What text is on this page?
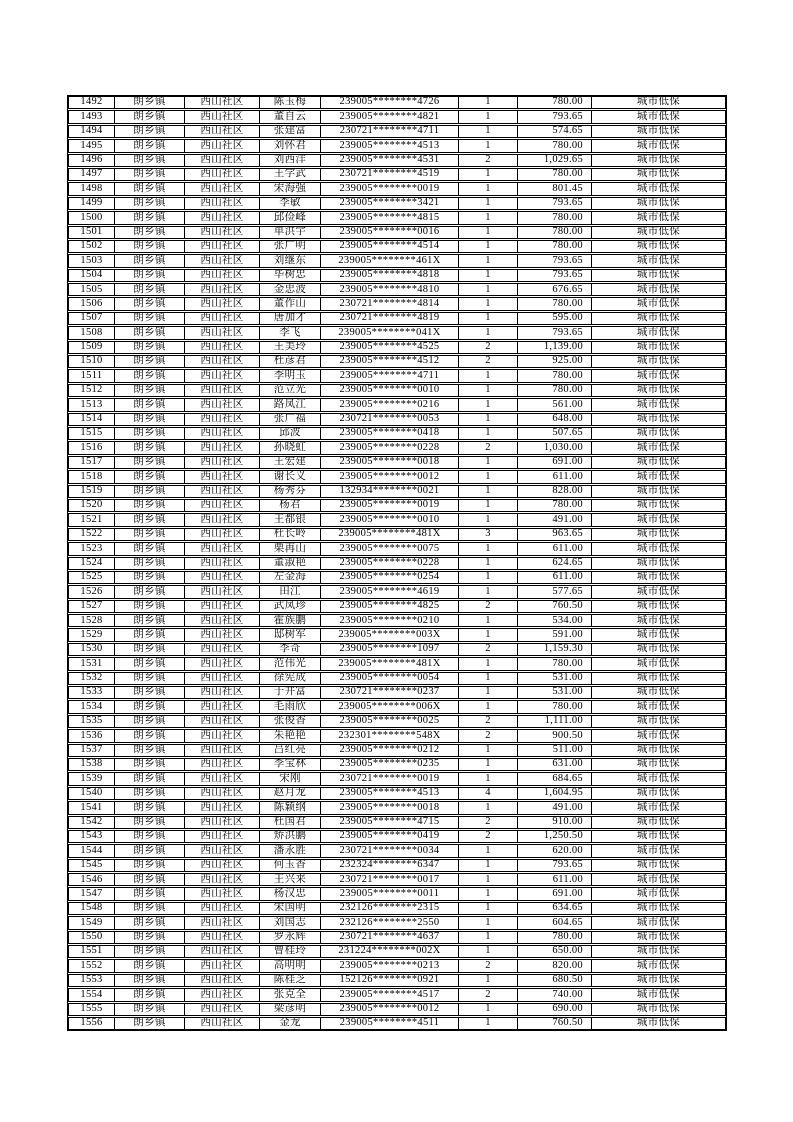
1492	朗乡镇	西山社区	陈玉梅	239005********4726	1	780.00	城市低保
1493	朗乡镇	西山社区	董自云	239005********4821	1	793.65	城市低保
1494	朗乡镇	西山社区	张建富	230721********4711	1	574.65	城市低保
1495	朗乡镇	西山社区	刘怀君	239005********4513	1	780.00	城市低保
1496	朗乡镇	西山社区	刘西洋	239005********4531	2	1,029.65	城市低保
1497	朗乡镇	西山社区	王学武	230721********4519	1	780.00	城市低保
1498	朗乡镇	西山社区	宋海强	239005********0019	1	801.45	城市低保
1499	朗乡镇	西山社区	李敏	239005********3421	1	793.65	城市低保
1500	朗乡镇	西山社区	邱俭峰	239005********4815	1	780.00	城市低保
1501	朗乡镇	西山社区	单洪宇	239005********0016	1	780.00	城市低保
1502	朗乡镇	西山社区	张广明	239005********4514	1	780.00	城市低保
1503	朗乡镇	西山社区	刘继东	239005********461X	1	793.65	城市低保
1504	朗乡镇	西山社区	毕树忠	239005********4818	1	793.65	城市低保
1505	朗乡镇	西山社区	金忠波	239005********4810	1	676.65	城市低保
1506	朗乡镇	西山社区	董作山	230721********4814	1	780.00	城市低保
1507	朗乡镇	西山社区	唐加才	230721********4819	1	595.00	城市低保
1508	朗乡镇	西山社区	李飞	239005********041X	1	793.65	城市低保
1509	朗乡镇	西山社区	王美玲	239005********4525	2	1,139.00	城市低保
1510	朗乡镇	西山社区	杜彦君	239005********4512	2	925.00	城市低保
1511	朗乡镇	西山社区	李明玉	239005********4711	1	780.00	城市低保
1512	朗乡镇	西山社区	范立光	239005********0010	1	780.00	城市低保
1513	朗乡镇	西山社区	路凤江	239005********0216	1	561.00	城市低保
1514	朗乡镇	西山社区	张广福	230721********0053	1	648.00	城市低保
1515	朗乡镇	西山社区	邱波	239005********0418	1	507.65	城市低保
1516	朗乡镇	西山社区	孙晓虹	239005********0228	2	1,030.00	城市低保
1517	朗乡镇	西山社区	王宏建	239005********0018	1	691.00	城市低保
1518	朗乡镇	西山社区	谢长义	239005********0012	1	611.00	城市低保
1519	朗乡镇	西山社区	杨秀芬	132934********0021	1	828.00	城市低保
1520	朗乡镇	西山社区	杨君	239005********0019	1	780.00	城市低保
1521	朗乡镇	西山社区	王都银	239005********0010	1	491.00	城市低保
1522	朗乡镇	西山社区	杜长岭	239005********481X	3	963.65	城市低保
1523	朗乡镇	西山社区	栗再山	239005********0075	1	611.00	城市低保
1524	朗乡镇	西山社区	董淑艳	239005********0228	1	624.65	城市低保
1525	朗乡镇	西山社区	左金海	239005********0254	1	611.00	城市低保
1526	朗乡镇	西山社区	田江	239005********4619	1	577.65	城市低保
1527	朗乡镇	西山社区	武凤珍	239005********4825	2	760.50	城市低保
1528	朗乡镇	西山社区	霍族鹏	239005********0210	1	534.00	城市低保
1529	朗乡镇	西山社区	邸树军	239005********003X	1	591.00	城市低保
1530	朗乡镇	西山社区	李奇	239005********1097	2	1,159.30	城市低保
1531	朗乡镇	西山社区	范伟光	239005********481X	1	780.00	城市低保
1532	朗乡镇	西山社区	徐宪成	239005********0054	1	531.00	城市低保
1533	朗乡镇	西山社区	于井富	230721********0237	1	531.00	城市低保
1534	朗乡镇	西山社区	毛雨欣	239005********006X	1	780.00	城市低保
1535	朗乡镇	西山社区	张俊香	239005********0025	2	1,111.00	城市低保
1536	朗乡镇	西山社区	朱艳艳	232301********548X	2	900.50	城市低保
1537	朗乡镇	西山社区	吕红亮	239005********0212	1	511.00	城市低保
1538	朗乡镇	西山社区	李宝林	239005********0235	1	631.00	城市低保
1539	朗乡镇	西山社区	宋刚	230721********0019	1	684.65	城市低保
1540	朗乡镇	西山社区	赵月龙	239005********4513	4	1,604.95	城市低保
1541	朗乡镇	西山社区	陈颖纲	239005********0018	1	491.00	城市低保
1542	朗乡镇	西山社区	杜国君	239005********4715	2	910.00	城市低保
1543	朗乡镇	西山社区	矫洪鹏	239005********0419	2	1,250.50	城市低保
1544	朗乡镇	西山社区	潘永胜	230721********0034	1	620.00	城市低保
1545	朗乡镇	西山社区	何玉香	232324********6347	1	793.65	城市低保
1546	朗乡镇	西山社区	王兴来	230721********0017	1	611.00	城市低保
1547	朗乡镇	西山社区	杨汉忠	239005********0011	1	691.00	城市低保
1548	朗乡镇	西山社区	宋国明	232126********2315	1	634.65	城市低保
1549	朗乡镇	西山社区	刘国志	232126********2550	1	604.65	城市低保
1550	朗乡镇	西山社区	罗永辉	230721********4637	1	780.00	城市低保
1551	朗乡镇	西山社区	曹桂玲	231224********002X	1	650.00	城市低保
1552	朗乡镇	西山社区	高明明	239005********0213	2	820.00	城市低保
1553	朗乡镇	西山社区	陈桂芝	152126********0921	1	680.50	城市低保
1554	朗乡镇	西山社区	张克全	239005********4517	2	740.00	城市低保
1555	朗乡镇	西山社区	梁彦明	239005********0012	1	690.00	城市低保
1556	朗乡镇	西山社区	金龙	239005********4511	1	760.50	城市低保
